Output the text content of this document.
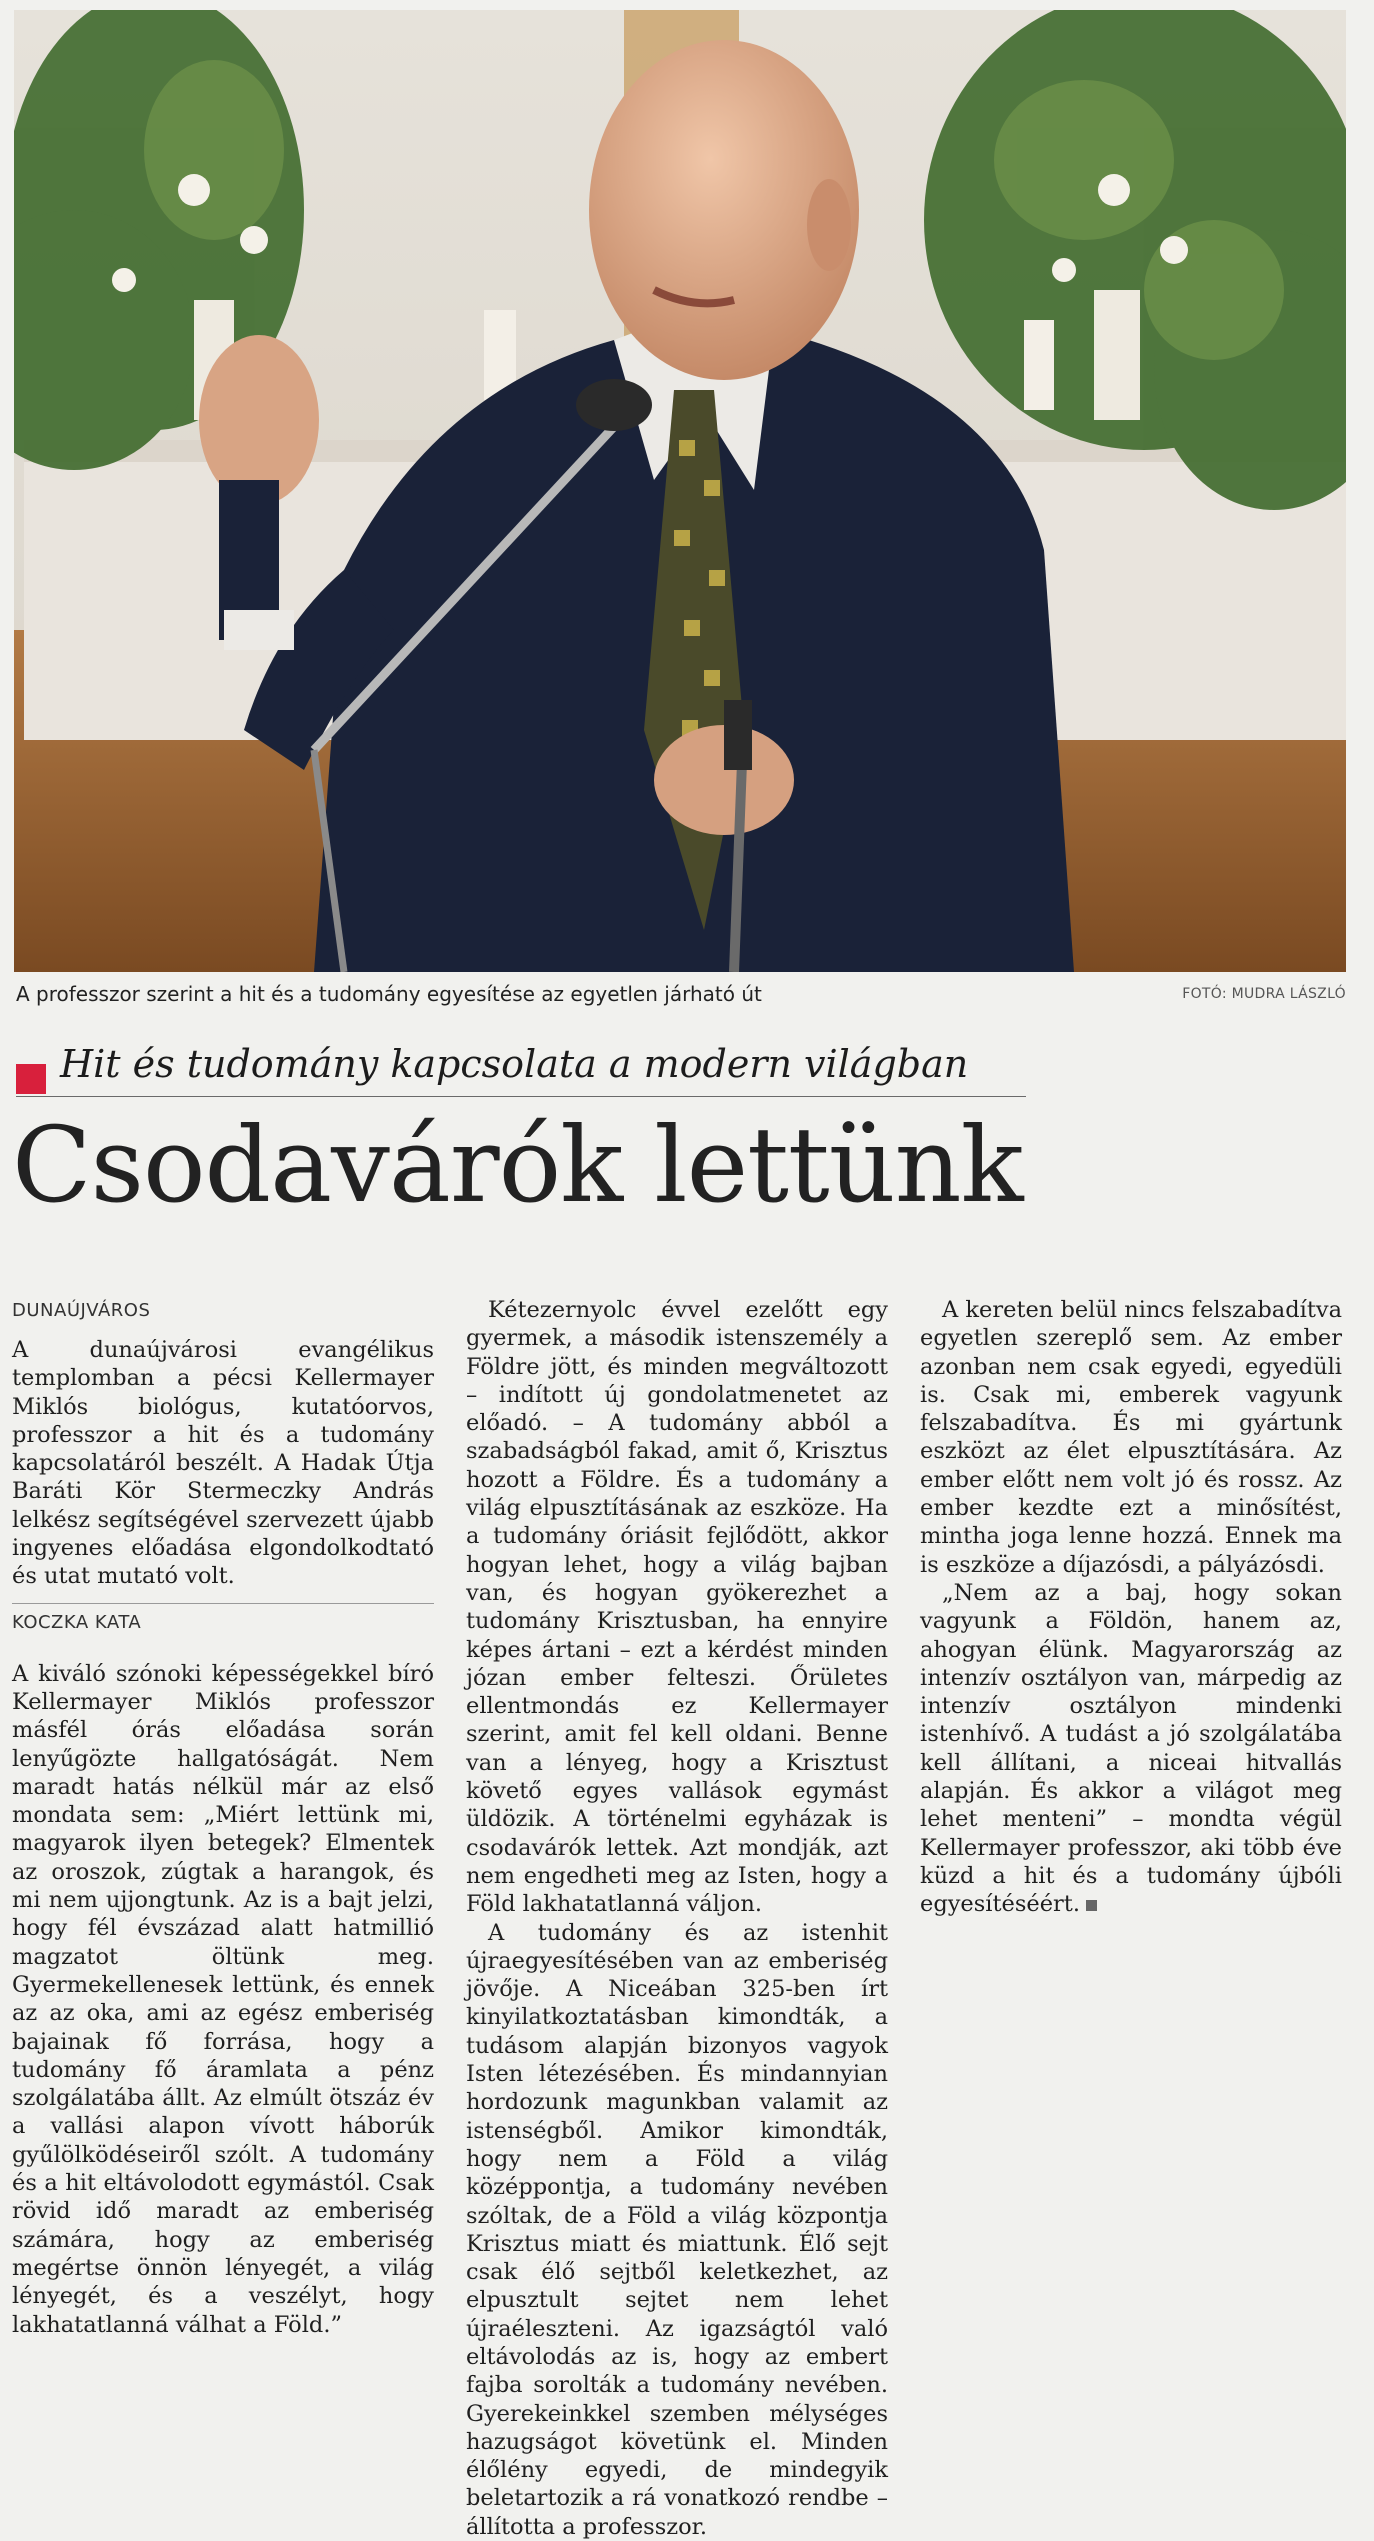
A professzor szerint a hit és a tudomány egyesítése az egyetlen járható út	FOTÓ: MUDRA LÁSZLÓ
Hit és tudomány kapcsolata a modern világban
Csodavárók lettünk
DUNAÚJVÁROS

A dunaújvárosi evangélikus templomban a pécsi Kellermayer Miklós biológus, kutatóorvos, professzor a hit és a tudomány kapcsolatáról beszélt. A Hadak Útja Baráti Kör Stermeczky András lelkész segítségével szervezett újabb ingyenes előadása elgondolkodtató és utat mutató volt.

KOCZKA KATA

A kiváló szónoki képességekkel bíró Kellermayer Miklós professzor másfél órás előadása során lenyűgözte hallgatóságát. Nem maradt hatás nélkül már az első mondata sem: „Miért lettünk mi, magyarok ilyen betegek? Elmentek az oroszok, zúgtak a harangok, és mi nem ujjongtunk. Az is a bajt jelzi, hogy fél évszázad alatt hatmillió magzatot öltünk meg. Gyermekellenesek lettünk, és ennek az az oka, ami az egész emberiség bajainak fő forrása, hogy a tudomány fő áramlata a pénz szolgálatába állt. Az elmúlt ötszáz év a vallási alapon vívott háborúk gyűlölködéseiről szólt. A tudomány és a hit eltávolodott egymástól. Csak rövid idő maradt az emberiség számára, hogy az emberiség megértse önnön lényegét, a világ lényegét, és a veszélyt, hogy lakhatatlanná válhat a Föld.”

Kétezernyolc évvel ezelőtt egy gyermek, a második istenszemély a Földre jött, és minden megváltozott – indított új gondolatmenetet az előadó. – A tudomány abból a szabadságból fakad, amit ő, Krisztus hozott a Földre. És a tudomány a világ elpusztításának az eszköze. Ha a tudomány óriásit fejlődött, akkor hogyan lehet, hogy a világ bajban van, és hogyan gyökerezhet a tudomány Krisztusban, ha ennyire képes ártani – ezt a kérdést minden józan ember felteszi. Őrületes ellentmondás ez Kellermayer szerint, amit fel kell oldani. Benne van a lényeg, hogy a Krisztust követő egyes vallások egymást üldözik. A történelmi egyházak is csodavárók lettek. Azt mondják, azt nem engedheti meg az Isten, hogy a Föld lakhatatlanná váljon.

A tudomány és az istenhit újraegyesítésében van az emberiség jövője. A Niceában 325-ben írt kinyilatkoztatásban kimondták, a tudásom alapján bizonyos vagyok Isten létezésében. És mindannyian hordozunk magunkban valamit az istenségből. Amikor kimondták, hogy nem a Föld a világ középpontja, a tudomány nevében szóltak, de a Föld a világ központja Krisztus miatt és miattunk. Élő sejt csak élő sejtből keletkezhet, az elpusztult sejtet nem lehet újraéleszteni. Az igazságtól való eltávolodás az is, hogy az embert fajba sorolták a tudomány nevében. Gyerekeinkkel szemben mélységes hazugságot követünk el. Minden élőlény egyedi, de mindegyik beletartozik a rá vonatkozó rendbe – állította a professzor.

A kereten belül nincs felszabadítva egyetlen szereplő sem. Az ember azonban nem csak egyedi, egyedüli is. Csak mi, emberek vagyunk felszabadítva. És mi gyártunk eszközt az élet elpusztítására. Az ember előtt nem volt jó és rossz. Az ember kezdte ezt a minősítést, mintha joga lenne hozzá. Ennek ma is eszköze a díjazósdi, a pályázósdi.

„Nem az a baj, hogy sokan vagyunk a Földön, hanem az, ahogyan élünk. Magyarország az intenzív osztályon van, márpedig az intenzív osztályon mindenki istenhívő. A tudást a jó szolgálatába kell állítani, a niceai hitvallás alapján. És akkor a világot meg lehet menteni” – mondta végül Kellermayer professzor, aki több éve küzd a hit és a tudomány újbóli egyesítéséért.
